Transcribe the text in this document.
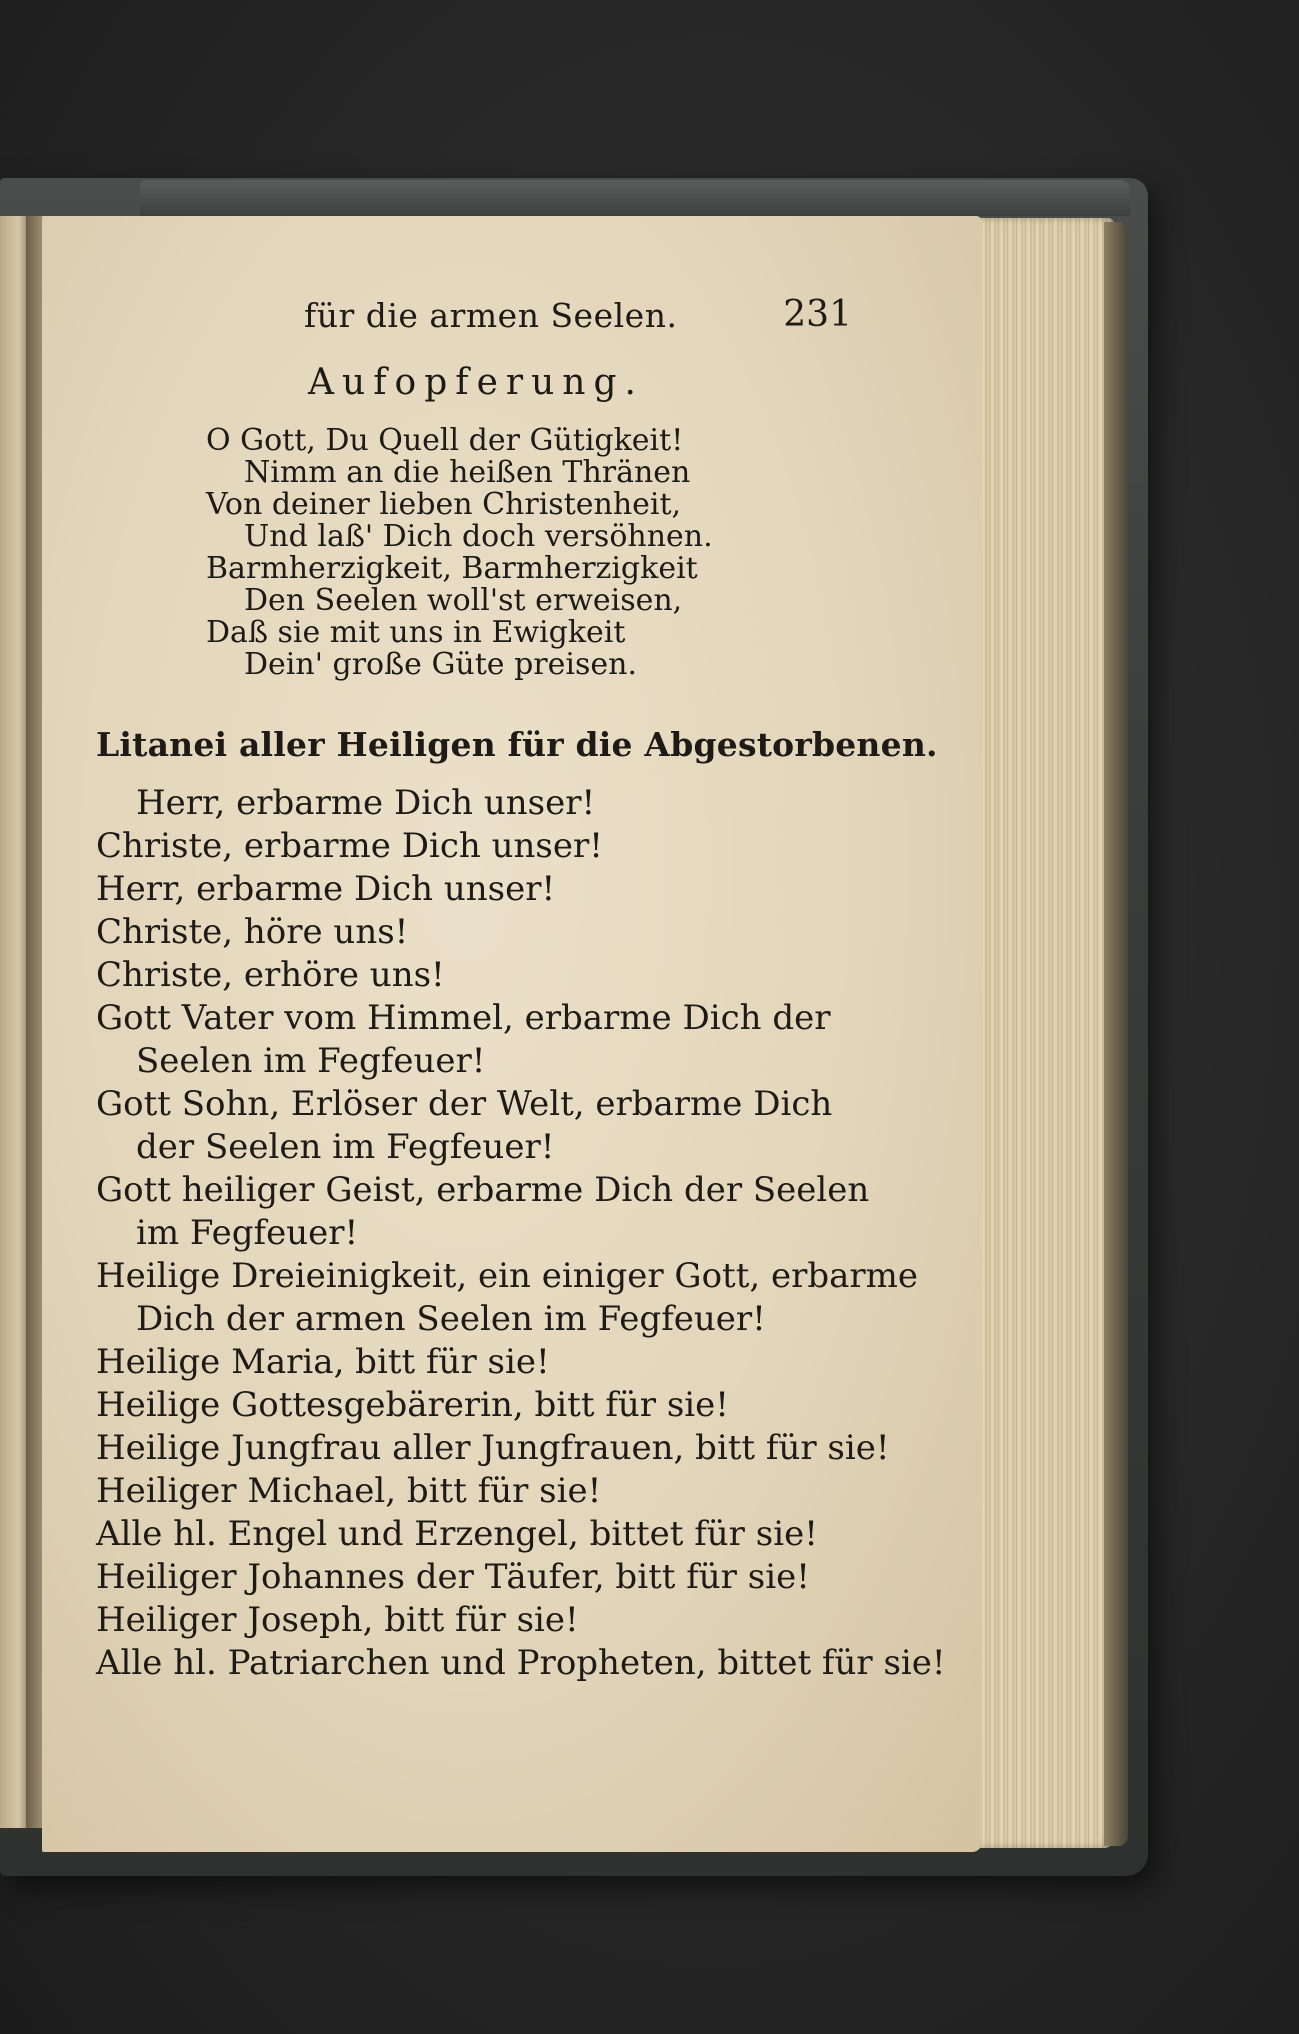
für die armen Seelen.	231
Aufopferung.
O Gott, Du Quell der Gütigkeit!
Nimm an die heißen Thränen
Von deiner lieben Christenheit,
Und laß' Dich doch versöhnen.
Barmherzigkeit, Barmherzigkeit
Den Seelen woll'st erweisen,
Daß sie mit uns in Ewigkeit
Dein' große Güte preisen.
Litanei aller Heiligen für die Abgestorbenen.
Herr, erbarme Dich unser!
Christe, erbarme Dich unser!
Herr, erbarme Dich unser!
Christe, höre uns!
Christe, erhöre uns!
Gott Vater vom Himmel, erbarme Dich der
Seelen im Fegfeuer!
Gott Sohn, Erlöser der Welt, erbarme Dich
der Seelen im Fegfeuer!
Gott heiliger Geist, erbarme Dich der Seelen
im Fegfeuer!
Heilige Dreieinigkeit, ein einiger Gott, erbarme
Dich der armen Seelen im Fegfeuer!
Heilige Maria, bitt für sie!
Heilige Gottesgebärerin, bitt für sie!
Heilige Jungfrau aller Jungfrauen, bitt für sie!
Heiliger Michael, bitt für sie!
Alle hl. Engel und Erzengel, bittet für sie!
Heiliger Johannes der Täufer, bitt für sie!
Heiliger Joseph, bitt für sie!
Alle hl. Patriarchen und Propheten, bittet für sie!
